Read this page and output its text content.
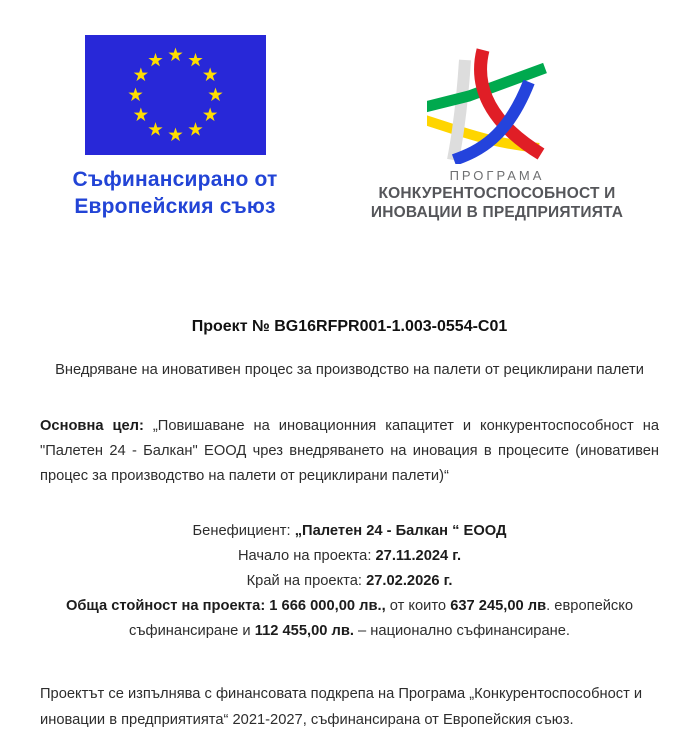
Съфинансирано от
Европейския съюз
ПРОГРАМА
КОНКУРЕНТОСПОСОБНОСТ И
ИНОВАЦИИ В ПРЕДПРИЯТИЯТА

Проект № BG16RFPR001-1.003-0554-C01

Внедряване на иновативен процес за производство на палети от рециклирани палети

Основна цел: „Повишаване на иновационния капацитет и конкурентоспособност на "Палетен 24 - Балкан" ЕООД чрез внедряването на иновация в процесите (иновативен процес за производство на палети от рециклирани палети)“

Бенефициент: „Палетен 24 - Балкан “ ЕООД
Начало на проекта: 27.11.2024 г.
Край на проекта: 27.02.2026 г.
Обща стойност на проекта: 1 666 000,00 лв., от които 637 245,00 лв. европейско съфинансиране и 112 455,00 лв. – национално съфинансиране.

Проектът се изпълнява с финансовата подкрепа на Програма „Конкурентоспособност и иновации в предприятията“ 2021-2027, съфинансирана от Европейския съюз.
